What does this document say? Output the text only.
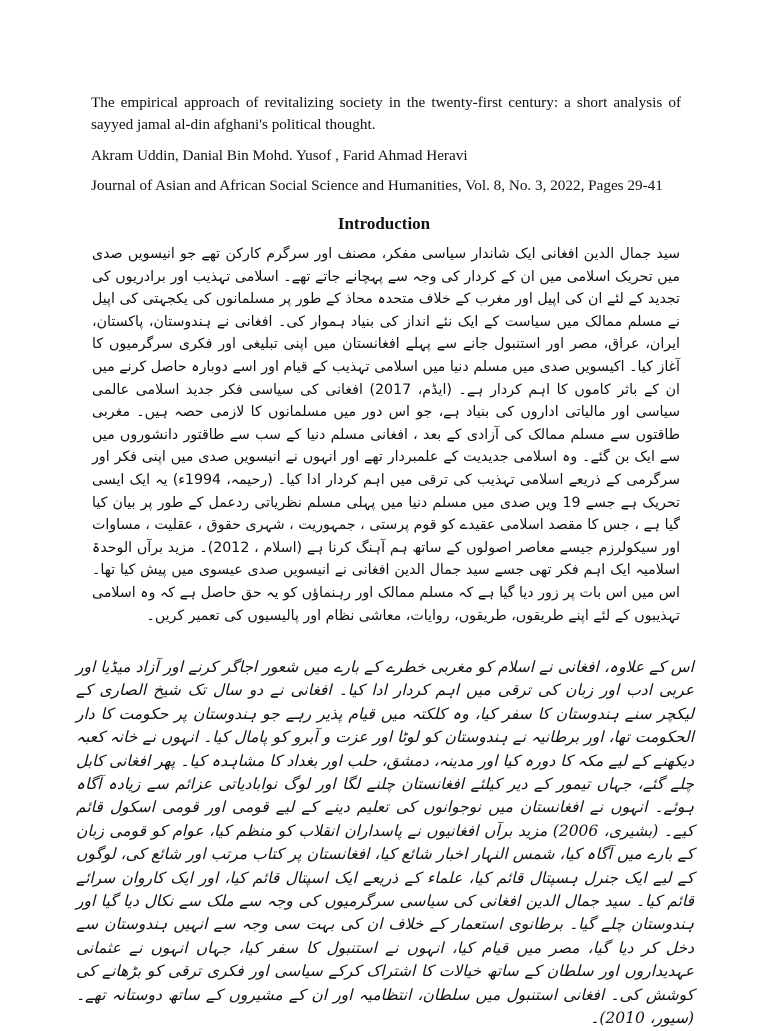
The empirical approach of revitalizing society in the twenty-first century: a short analysis of sayyed jamal al-din afghani's political thought.

Akram Uddin, Danial Bin Mohd. Yusof , Farid Ahmad Heravi

Journal of Asian and African Social Science and Humanities, Vol. 8, No. 3, 2022, Pages 29-41

Introduction

سید جمال الدین افغانی ایک شاندار سیاسی مفکر، مصنف اور سرگرم کارکن تھے جو انیسویں صدی میں تحریک اسلامی میں ان کے کردار کی وجہ سے پہچانے جاتے تھے۔ اسلامی تہذیب اور برادریوں کی تجدید کے لئے ان کی اپیل اور مغرب کے خلاف متحدہ محاذ کے طور پر مسلمانوں کی یکجہتی کی اپیل نے مسلم ممالک میں سیاست کے ایک نئے انداز کی بنیاد ہموار کی۔ افغانی نے ہندوستان، پاکستان، ایران، عراق، مصر اور استنبول جانے سے پہلے افغانستان میں اپنی تبلیغی اور فکری سرگرمیوں کا آغاز کیا۔ اکیسویں صدی میں مسلم دنیا میں اسلامی تہذیب کے قیام اور اسے دوبارہ حاصل کرنے میں ان کے باثر کاموں کا اہم کردار ہے۔ (ایڈم، 2017) افغانی کی سیاسی فکر جدید اسلامی عالمی سیاسی اور مالیاتی اداروں کی بنیاد ہے، جو اس دور میں مسلمانوں کا لازمی حصہ ہیں۔ مغربی طاقتوں سے مسلم ممالک کی آزادی کے بعد ، افغانی مسلم دنیا کے سب سے طاقتور دانشوروں میں سے ایک بن گئے۔ وہ اسلامی جدیدیت کے علمبردار تھے اور انہوں نے انیسویں صدی میں اپنی فکر اور سرگرمی کے ذریعے اسلامی تہذیب کی ترقی میں اہم کردار ادا کیا۔ (رحیمہ، 1994ء) یہ ایک ایسی تحریک ہے جسے 19 ویں صدی میں مسلم دنیا میں پہلی مسلم نظریاتی ردعمل کے طور پر بیان کیا گیا ہے ، جس کا مقصد اسلامی عقیدے کو قوم پرستی ، جمہوریت ، شہری حقوق ، عقلیت ، مساوات اور سیکولرزم جیسے معاصر اصولوں کے ساتھ ہم آہنگ کرنا ہے (اسلام ، 2012)۔ مزید برآں الوحدۃ اسلامیہ ایک اہم فکر تھی جسے سید جمال الدین افغانی نے انیسویں صدی عیسوی میں پیش کیا تھا۔ اس میں اس بات پر زور دیا گیا ہے کہ مسلم ممالک اور رہنماؤں کو یہ حق حاصل ہے کہ وہ اسلامی تہذیبوں کے لئے اپنے طریقوں، طریقوں، روایات، معاشی نظام اور پالیسیوں کی تعمیر کریں۔

اس کے علاوہ، افغانی نے اسلام کو مغربی خطرے کے بارے میں شعور اجاگر کرنے اور آزاد میڈیا اور عربی ادب اور زبان کی ترقی میں اہم کردار ادا کیا۔ افغانی نے دو سال تک شیخ الصاری کے لیکچر سنے ہندوستان کا سفر کیا، وہ کلکتہ میں قیام پذیر رہے جو ہندوستان پر حکومت کا دار الحکومت تھا، اور برطانیہ نے ہندوستان کو لوٹا اور عزت و آبرو کو پامال کیا۔ انہوں نے خانہ کعبہ دیکھنے کے لیے مکہ کا دورہ کیا اور مدینہ، دمشق، حلب اور بغداد کا مشاہدہ کیا۔ پھر افغانی کابل چلے گئے، جہاں تیمور کے دیر کیلئے افغانستان چلنے لگا اور لوگ نوابادیاتی عزائم سے زیادہ آگاہ ہوئے۔ انہوں نے افغانستان میں نوجوانوں کی تعلیم دینے کے لیے قومی اور قومی اسکول قائم کیے۔ (بشیری، 2006) مزید برآں افغانیوں نے پاسداران انقلاب کو منظم کیا، عوام کو قومی زبان کے بارے میں آگاہ کیا، شمس النہار اخبار شائع کیا، افغانستان پر کتاب مرتب اور شائع کی، لوگوں کے لیے ایک جنرل ہسپتال قائم کیا، علماء کے ذریعے ایک اسپتال قائم کیا، اور ایک کاروان سرائے قائم کیا۔ سید جمال الدین افغانی کی سیاسی سرگرمیوں کی وجہ سے ملک سے نکال دیا گیا اور ہندوستان چلے گیا۔ برطانوی استعمار کے خلاف ان کی بہت سی وجہ سے انہیں ہندوستان سے دخل کر دیا گیا، مصر میں قیام کیا، انہوں نے استنبول کا سفر کیا، جہاں انہوں نے عثمانی عہدیداروں اور سلطان کے ساتھ خیالات کا اشتراک کرکے سیاسی اور فکری ترقی کو بڑھانے کی کوشش کی۔ افغانی استنبول میں سلطان، انتظامیہ اور ان کے مشیروں کے ساتھ دوستانہ تھے۔ (سیور، 2010)۔
